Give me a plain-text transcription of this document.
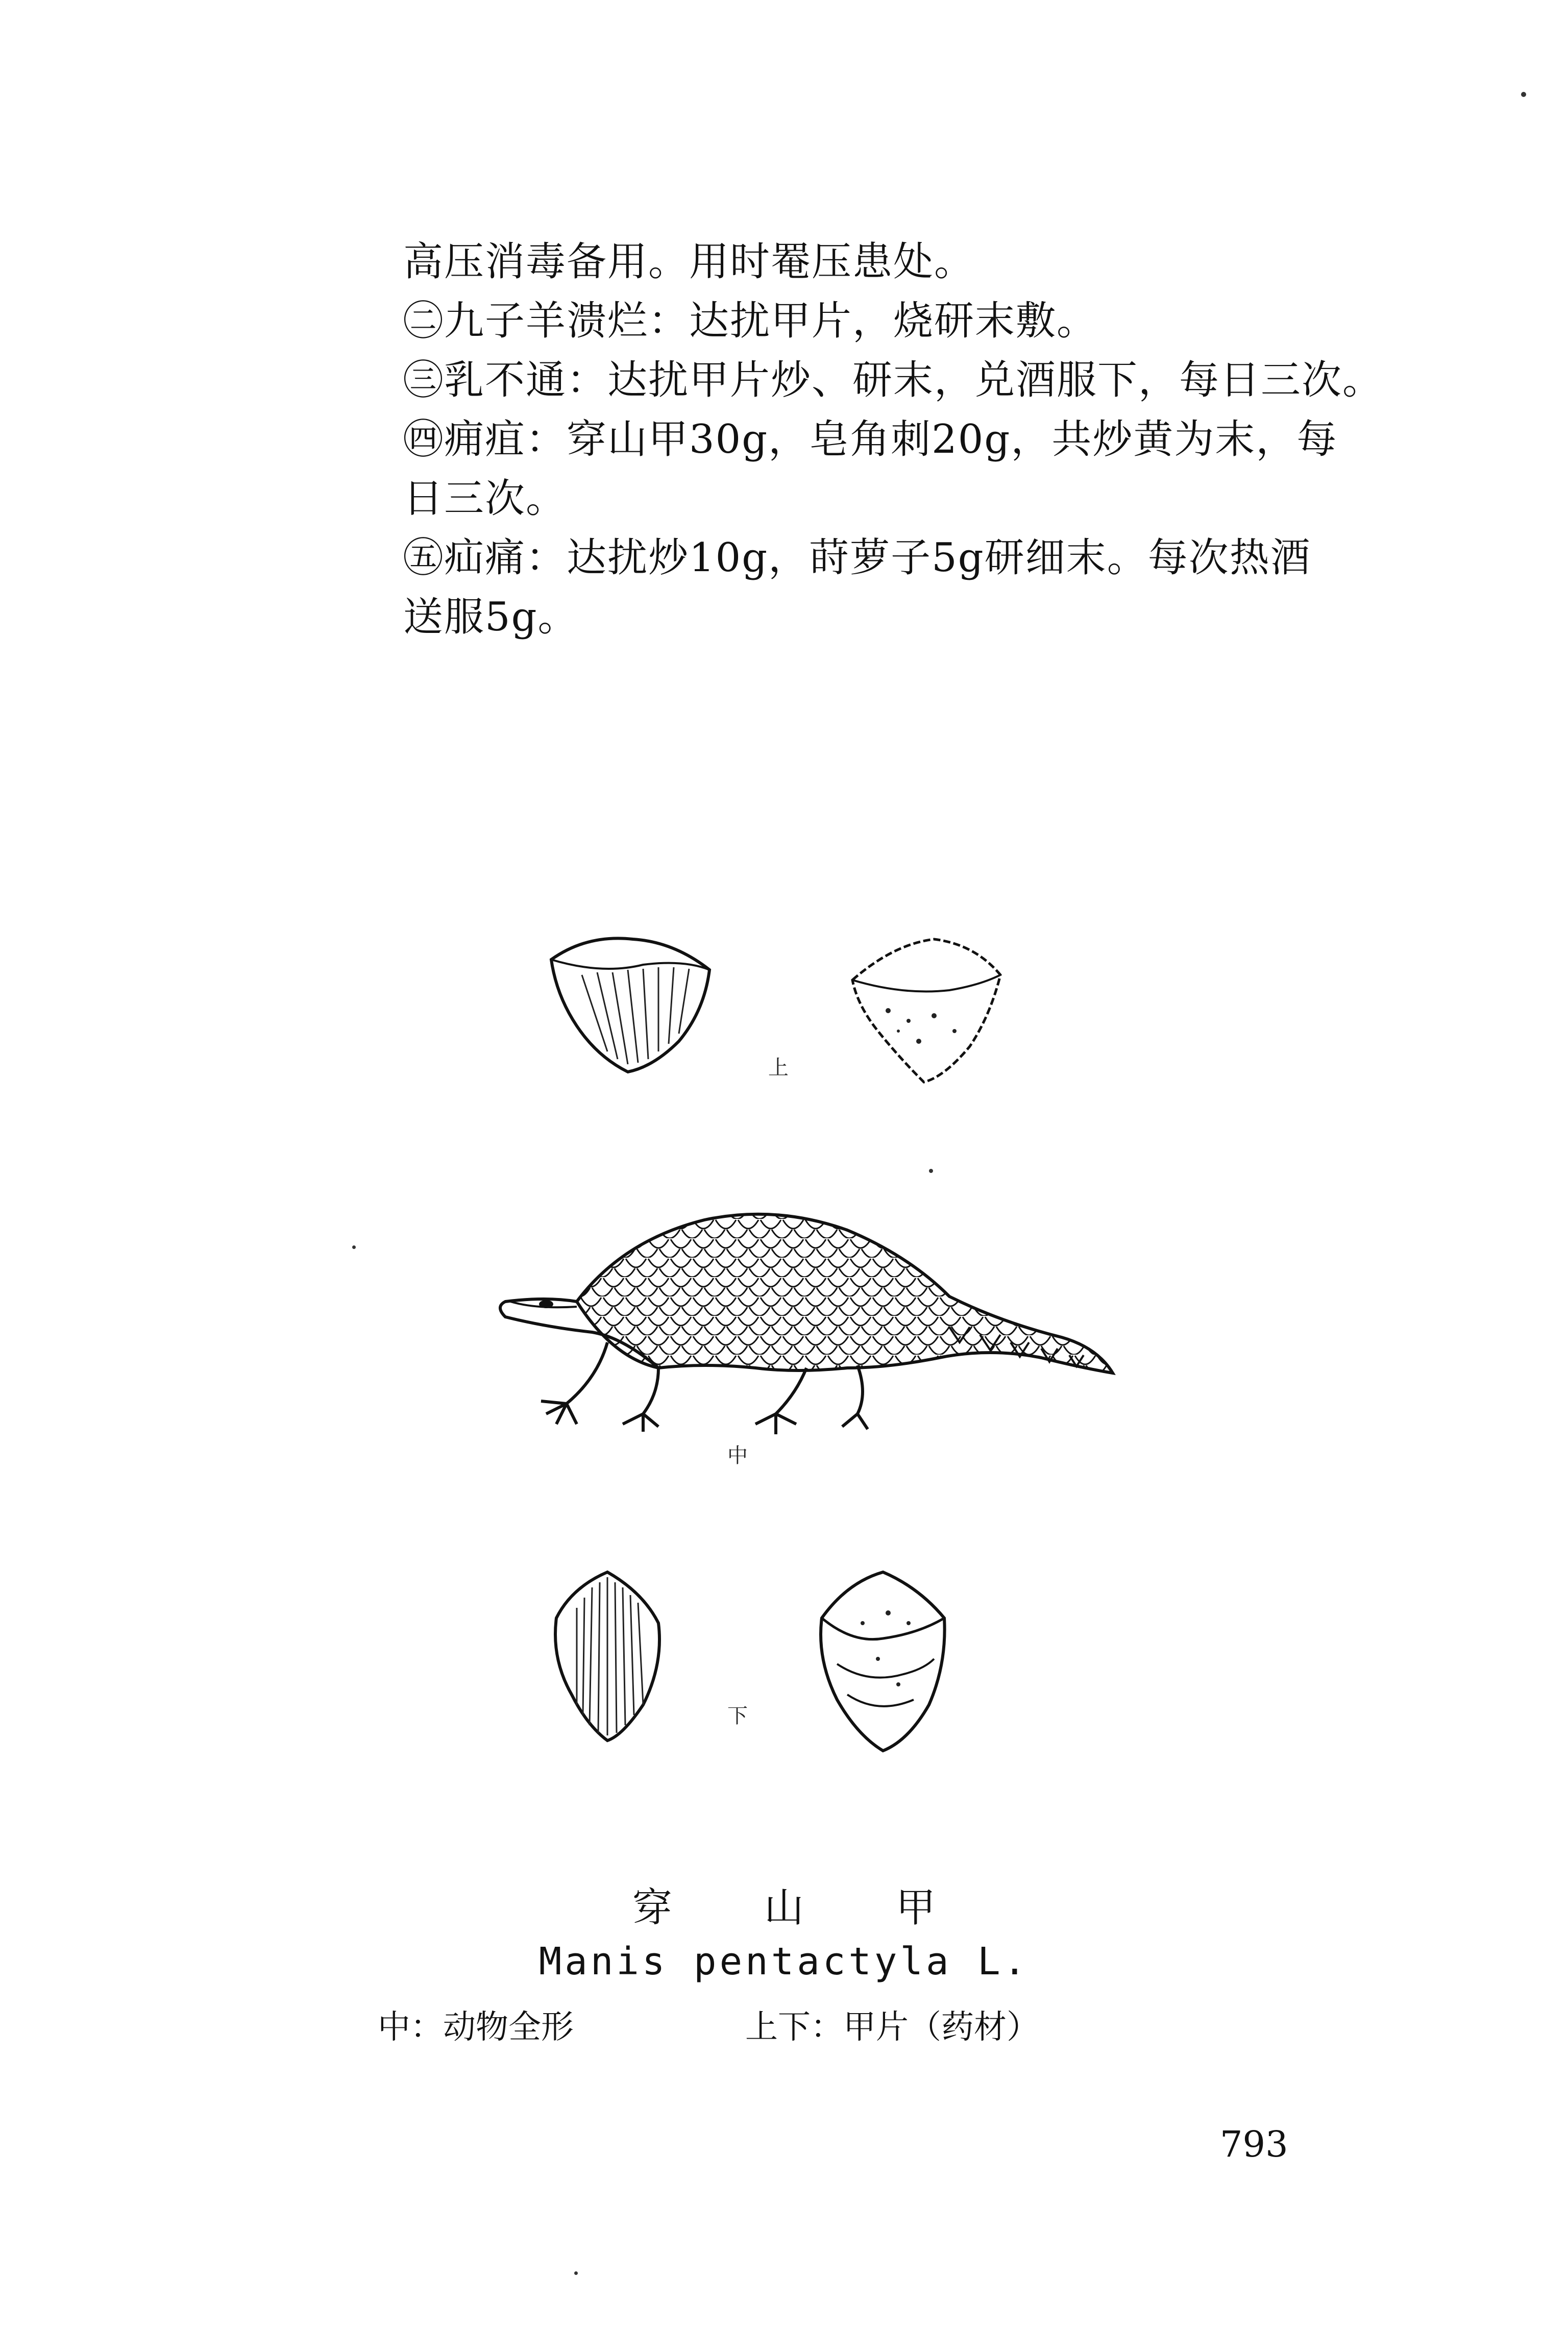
高压消毒备用。用时罨压患处。

㊁九子羊溃烂：达扰甲片，烧研末敷。

㊂乳不通：达扰甲片炒、研末，兑酒服下，每日三次。

㊃痈疽：穿山甲30g，皂角刺20g，共炒黄为末，每

日三次。

㊄疝痛：达扰炒10g，莳萝子5g研细末。每次热酒

送服5g。

上
中
下
穿山甲
Manis pentactyla L.
中：动物全形	上下：甲片（药材）
793
